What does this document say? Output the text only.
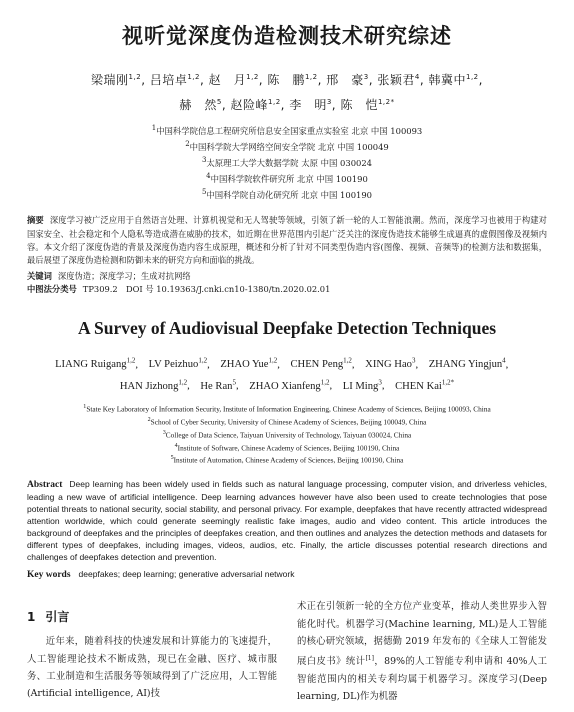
视听觉深度伪造检测技术研究综述
梁瑞刚$^{1,2}$, 吕培卓$^{1,2}$, 赵　月$^{1,2}$, 陈　鹏$^{1,2}$, 邢　豪$^3$, 张颖君$^4$, 韩冀中$^{1,2}$,
赫　然$^5$, 赵险峰$^{1,2}$, 李　明$^3$, 陈　恺$^{1,2*}$
$^1$中国科学院信息工程研究所信息安全国家重点实验室 北京 中国 100093
$^2$中国科学院大学网络空间安全学院 北京 中国 100049
$^3$太原理工大学大数据学院 太原 中国 030024
$^4$中国科学院软件研究所 北京 中国 100190
$^5$中国科学院自动化研究所 北京 中国 100190
摘要 深度学习被广泛应用于自然语言处理、计算机视觉和无人驾驶等领域，引领了新一轮的人工智能浪潮。然而，深度学习也被用于构建对国家安全、社会稳定和个人隐私等造成潜在威胁的技术，如近期在世界范围内引起广泛关注的深度伪造技术能够生成逼真的虚假图像及视频内容。本文介绍了深度伪造的背景及深度伪造内容生成原理，概述和分析了针对不同类型伪造内容(图像、视频、音频等)的检测方法和数据集，最后展望了深度伪造检测和防御未来的研究方向和面临的挑战。
关键词 深度伪造；深度学习；生成对抗网络
中图法分类号 TP309.2　DOI 号 10.19363/J.cnki.cn10-1380/tn.2020.02.01
A Survey of Audiovisual Deepfake Detection Techniques
LIANG Ruigang$^{1,2}$, LV Peizhuo$^{1,2}$, ZHAO Yue$^{1,2}$, CHEN Peng$^{1,2}$, XING Hao$^3$, ZHANG Yingjun$^4$, HAN Jizhong$^{1,2}$, He Ran$^5$, ZHAO Xianfeng$^{1,2}$, LI Ming$^3$, CHEN Kai$^{1,2*}$
$^1$State Key Laboratory of Information Security, Institute of Information Engineering, Chinese Academy of Sciences, Beijing 100093, China
$^2$School of Cyber Security, University of Chinese Academy of Sciences, Beijing 100049, China
$^3$College of Data Science, Taiyuan University of Technology, Taiyuan 030024, China
$^4$Institute of Software, Chinese Academy of Sciences, Beijing 100190, China
$^5$Institute of Automation, Chinese Academy of Sciences, Beijing 100190, China
Abstract Deep learning has been widely used in fields such as natural language processing, computer vision, and driverless vehicles, leading a new wave of artificial intelligence. Deep learning advances however have also been used to create technologies that pose potential threats to national security, social stability, and personal privacy. For example, deepfakes that have recently attracted widespread attention worldwide, which could generate seemingly realistic fake images, audio and video content. This article introduces the background of deepfakes and the principles of deepfakes creation, and then outlines and analyzes the detection methods and datasets for different types of deepfakes, including images, videos, audios, etc. Finally, the article discusses potential research directions and challenges of deepfakes detection and prevention.
Key words deepfakes; deep learning; generative adversarial network
1 引言

近年来，随着科技的快速发展和计算能力的飞速提升，人工智能理论技术不断成熟，现已在金融、医疗、城市服务、工业制造和生活服务等领域得到了广泛应用，人工智能(Artificial intelligence, AI)技

术正在引领新一轮的全方位产业变革，推动人类世界步入智能化时代。机器学习(Machine learning, ML)是人工智能的核心研究领域，据德勤 2019 年发布的《全球人工智能发展白皮书》统计[1]，89%的人工智能专利申请和 40%人工智能范围内的相关专利均属于机器学习。深度学习(Deep learning, DL)作为机器
